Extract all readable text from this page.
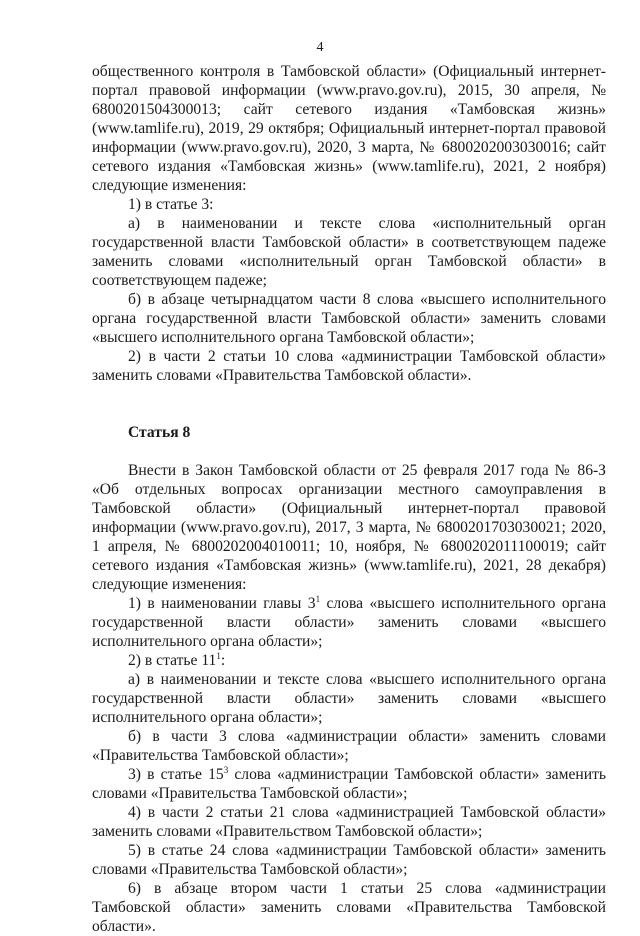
4

общественного контроля в Тамбовской области» (Официальный интернет-портал правовой информации (www.pravo.gov.ru), 2015, 30 апреля, № 6800201504300013; сайт сетевого издания «Тамбовская жизнь» (www.tamlife.ru), 2019, 29 октября; Официальный интернет-портал правовой информации (www.pravo.gov.ru), 2020, 3 марта, № 6800202003030016; сайт сетевого издания «Тамбовская жизнь» (www.tamlife.ru), 2021, 2 ноября) следующие изменения:

1) в статье 3:

а) в наименовании и тексте слова «исполнительный орган государственной власти Тамбовской области» в соответствующем падеже заменить словами «исполнительный орган Тамбовской области» в соответствующем падеже;

б) в абзаце четырнадцатом части 8 слова «высшего исполнительного органа государственной власти Тамбовской области» заменить словами «высшего исполнительного органа Тамбовской области»;

2) в части 2 статьи 10 слова «администрации Тамбовской области» заменить словами «Правительства Тамбовской области».

Статья 8

Внести в Закон Тамбовской области от 25 февраля 2017 года № 86-З «Об отдельных вопросах организации местного самоуправления в Тамбовской области» (Официальный интернет-портал правовой информации (www.pravo.gov.ru), 2017, 3 марта, № 6800201703030021; 2020, 1 апреля, № 6800202004010011; 10, ноября, № 6800202011100019; сайт сетевого издания «Тамбовская жизнь» (www.tamlife.ru), 2021, 28 декабря) следующие изменения:

1) в наименовании главы $3^1$ слова «высшего исполнительного органа государственной власти области» заменить словами «высшего исполнительного органа области»;

2) в статье $11^1$:

а) в наименовании и тексте слова «высшего исполнительного органа государственной власти области» заменить словами «высшего исполнительного органа области»;

б) в части 3 слова «администрации области» заменить словами «Правительства Тамбовской области»;

3) в статье $15^3$ слова «администрации Тамбовской области» заменить словами «Правительства Тамбовской области»;

4) в части 2 статьи 21 слова «администрацией Тамбовской области» заменить словами «Правительством Тамбовской области»;

5) в статье 24 слова «администрации Тамбовской области» заменить словами «Правительства Тамбовской области»;

6) в абзаце втором части 1 статьи 25 слова «администрации Тамбовской области» заменить словами «Правительства Тамбовской области».
